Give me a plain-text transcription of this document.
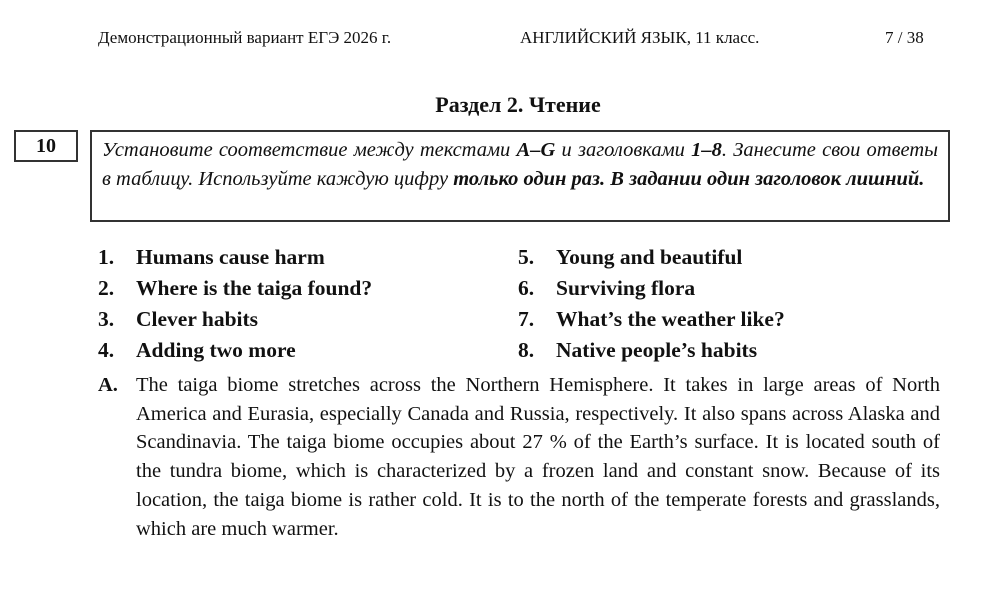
Демонстрационный вариант ЕГЭ 2026 г.	АНГЛИЙСКИЙ ЯЗЫК, 11 класс.	7 / 38
Раздел 2. Чтение
10	Установите соответствие между текстами A–G и заголовками 1–8. Занесите свои ответы в таблицу. Используйте каждую цифру только один раз. В задании один заголовок лишний.
1. Humans cause harm
2. Where is the taiga found?
3. Clever habits
4. Adding two more
5. Young and beautiful
6. Surviving flora
7. What’s the weather like?
8. Native people’s habits
A. The taiga biome stretches across the Northern Hemisphere. It takes in large areas of North America and Eurasia, especially Canada and Russia, respectively. It also spans across Alaska and Scandinavia. The taiga biome occupies about 27 % of the Earth’s surface. It is located south of the tundra biome, which is characterized by a frozen land and constant snow. Because of its location, the taiga biome is rather cold. It is to the north of the temperate forests and grasslands, which are much warmer.
